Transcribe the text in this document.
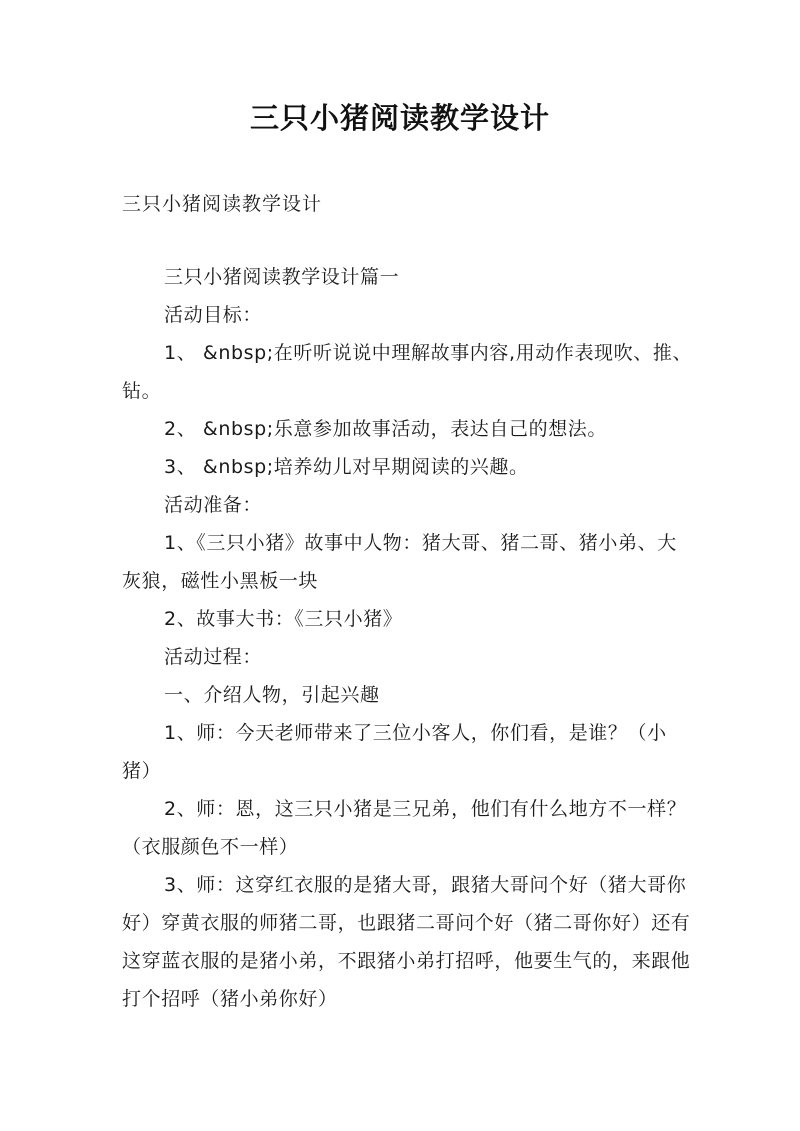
三只小猪阅读教学设计
三只小猪阅读教学设计

三只小猪阅读教学设计篇一

活动目标：

1、 &nbsp;在听听说说中理解故事内容,用动作表现吹、推、钻。

2、 &nbsp;乐意参加故事活动，表达自己的想法。

3、 &nbsp;培养幼儿对早期阅读的兴趣。

活动准备：

1、《三只小猪》故事中人物：猪大哥、猪二哥、猪小弟、大灰狼，磁性小黑板一块

2、故事大书：《三只小猪》

活动过程：

一、介绍人物，引起兴趣

1、师：今天老师带来了三位小客人，你们看，是谁？（小猪）

2、师：恩，这三只小猪是三兄弟，他们有什么地方不一样？（衣服颜色不一样）

3、师：这穿红衣服的是猪大哥，跟猪大哥问个好（猪大哥你好）穿黄衣服的师猪二哥，也跟猪二哥问个好（猪二哥你好）还有这穿蓝衣服的是猪小弟，不跟猪小弟打招呼，他要生气的，来跟他打个招呼（猪小弟你好）
